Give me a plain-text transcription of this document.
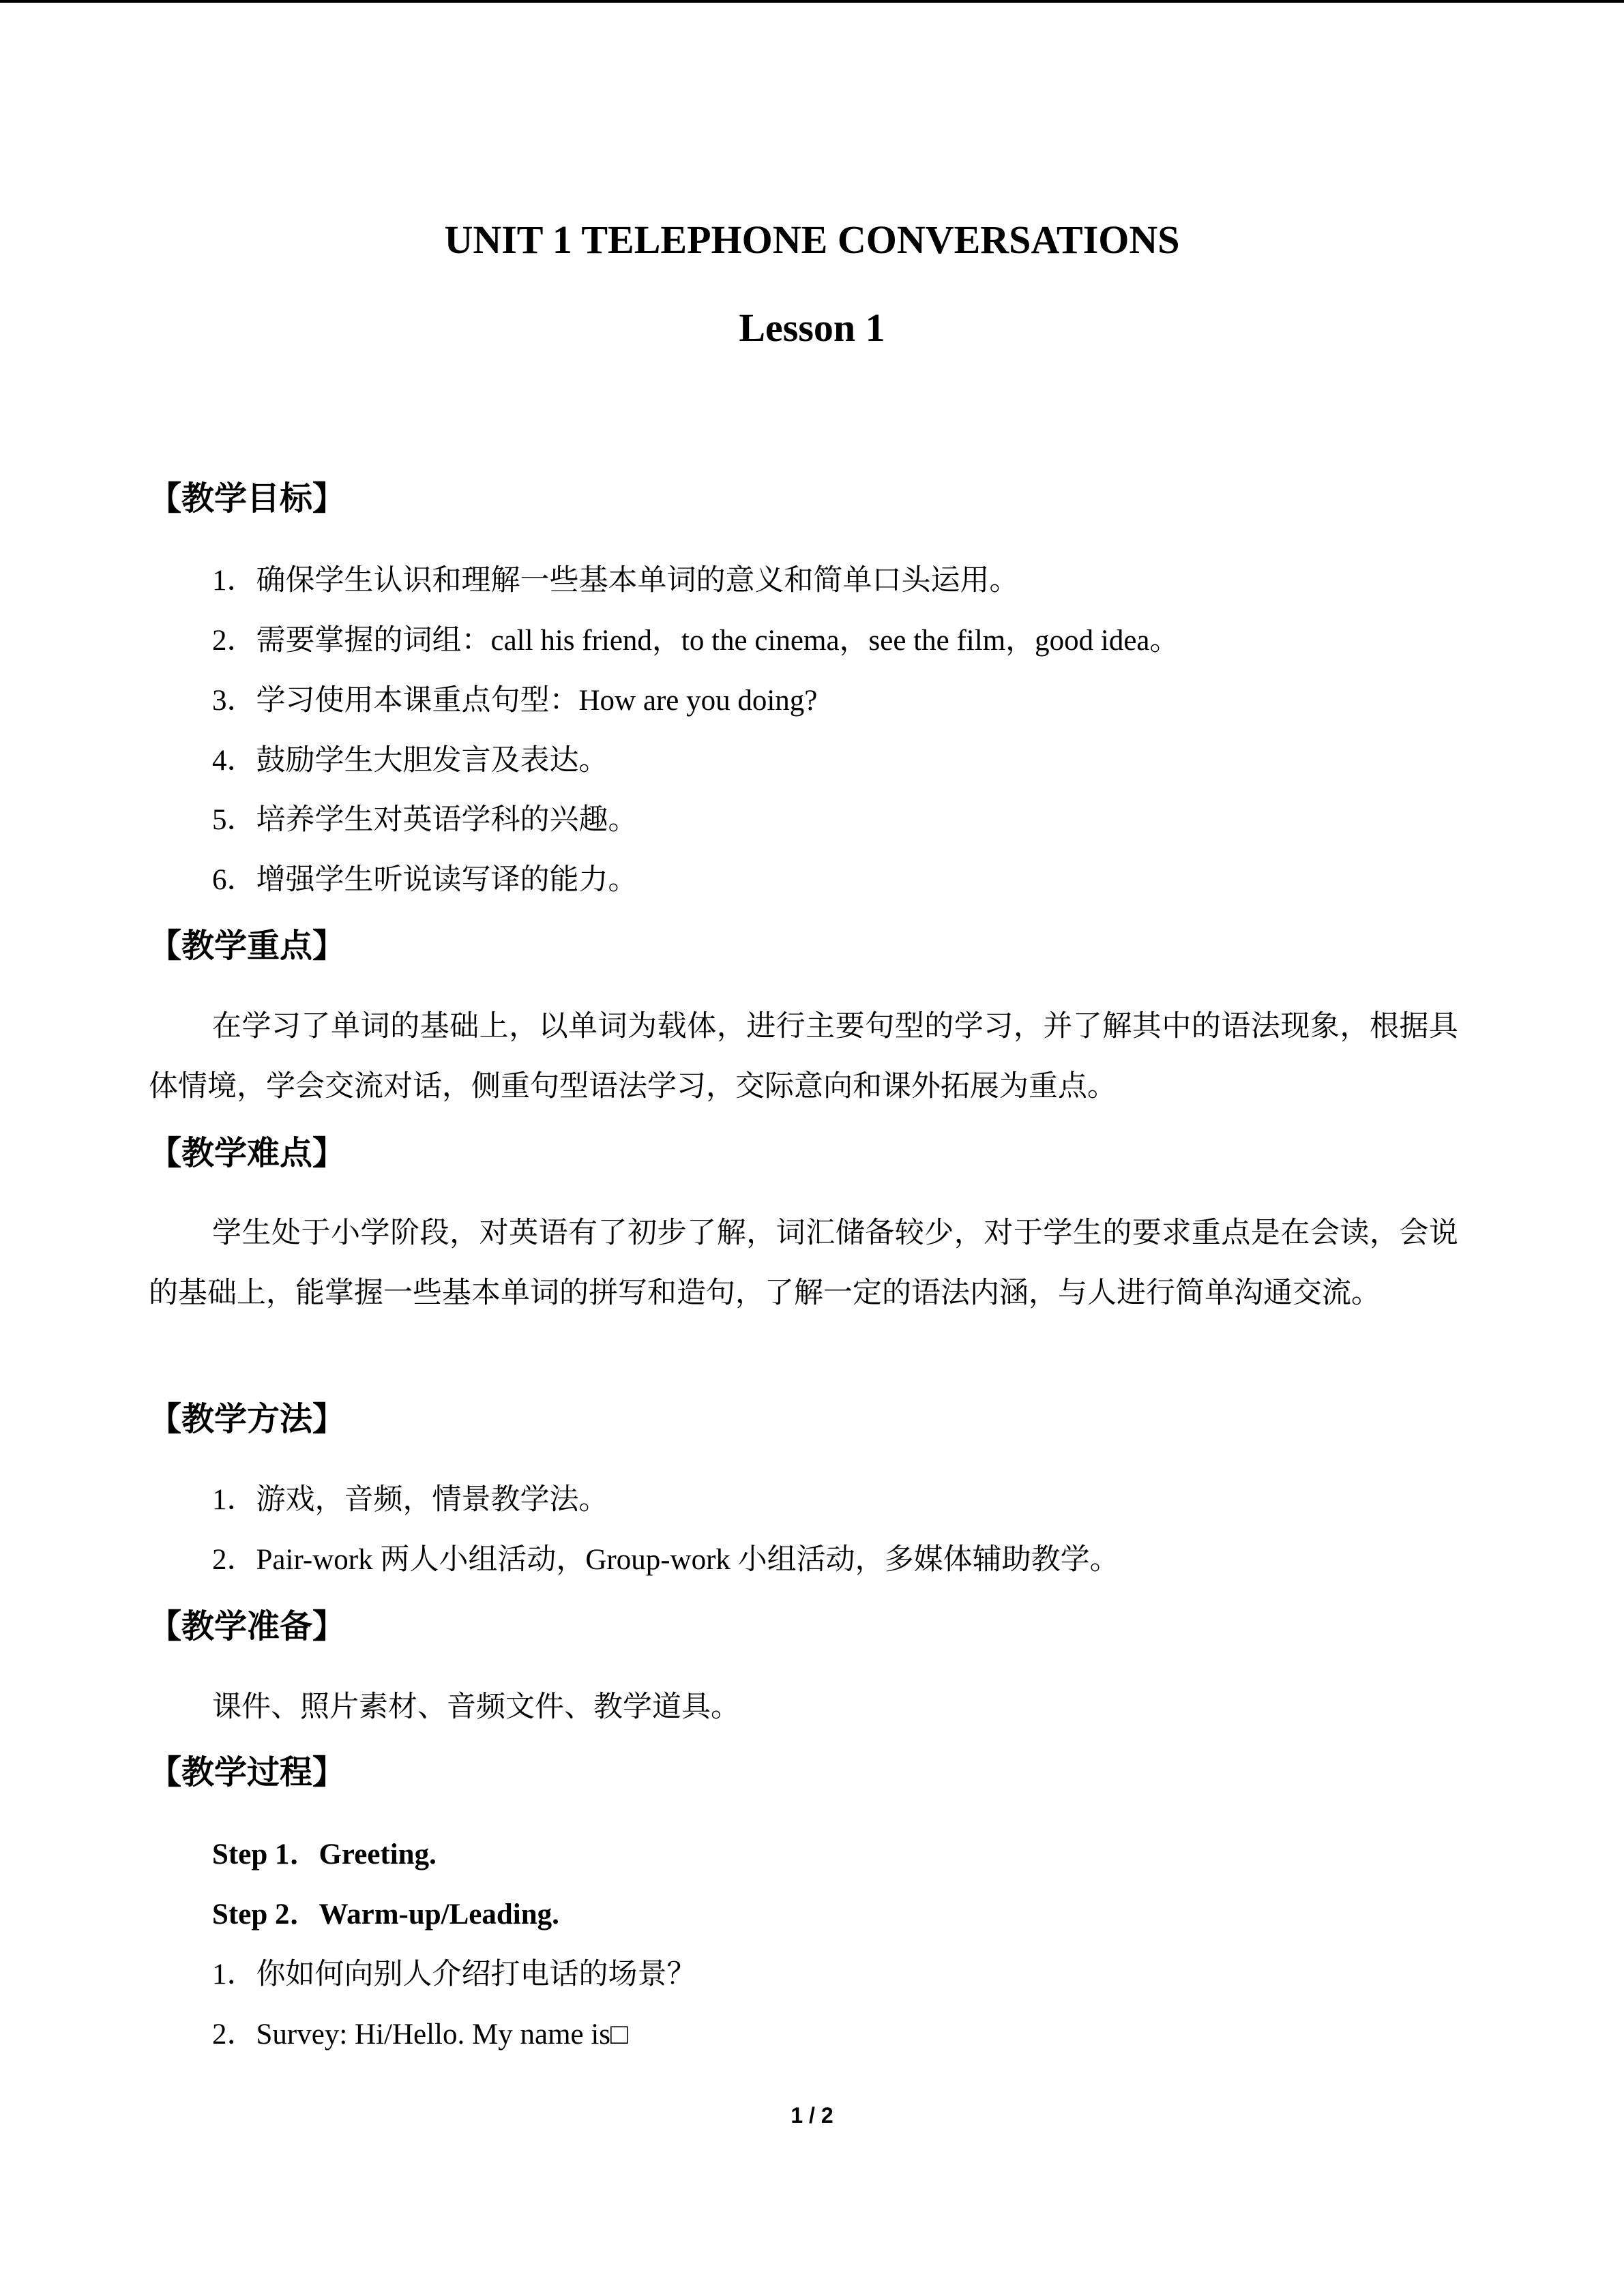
UNIT 1 TELEPHONE CONVERSATIONS
Lesson 1
【教学目标】

1．确保学生认识和理解一些基本单词的意义和简单口头运用。

2．需要掌握的词组：call his friend，to the cinema，see the film，good idea。

3．学习使用本课重点句型：How are you doing?

4．鼓励学生大胆发言及表达。

5．培养学生对英语学科的兴趣。

6．增强学生听说读写译的能力。

【教学重点】

在学习了单词的基础上，以单词为载体，进行主要句型的学习，并了解其中的语法现象，根据具体情境，学会交流对话，侧重句型语法学习，交际意向和课外拓展为重点。

【教学难点】

学生处于小学阶段，对英语有了初步了解，词汇储备较少，对于学生的要求重点是在会读，会说的基础上，能掌握一些基本单词的拼写和造句，了解一定的语法内涵，与人进行简单沟通交流。

【教学方法】

1．游戏，音频，情景教学法。

2．Pair-work 两人小组活动，Group-work 小组活动，多媒体辅助教学。

【教学准备】

课件、照片素材、音频文件、教学道具。

【教学过程】

Step 1．Greeting.

Step 2．Warm-up/Leading.

1．你如何向别人介绍打电话的场景？

2．Survey: Hi/Hello. My name is□

1 / 2
